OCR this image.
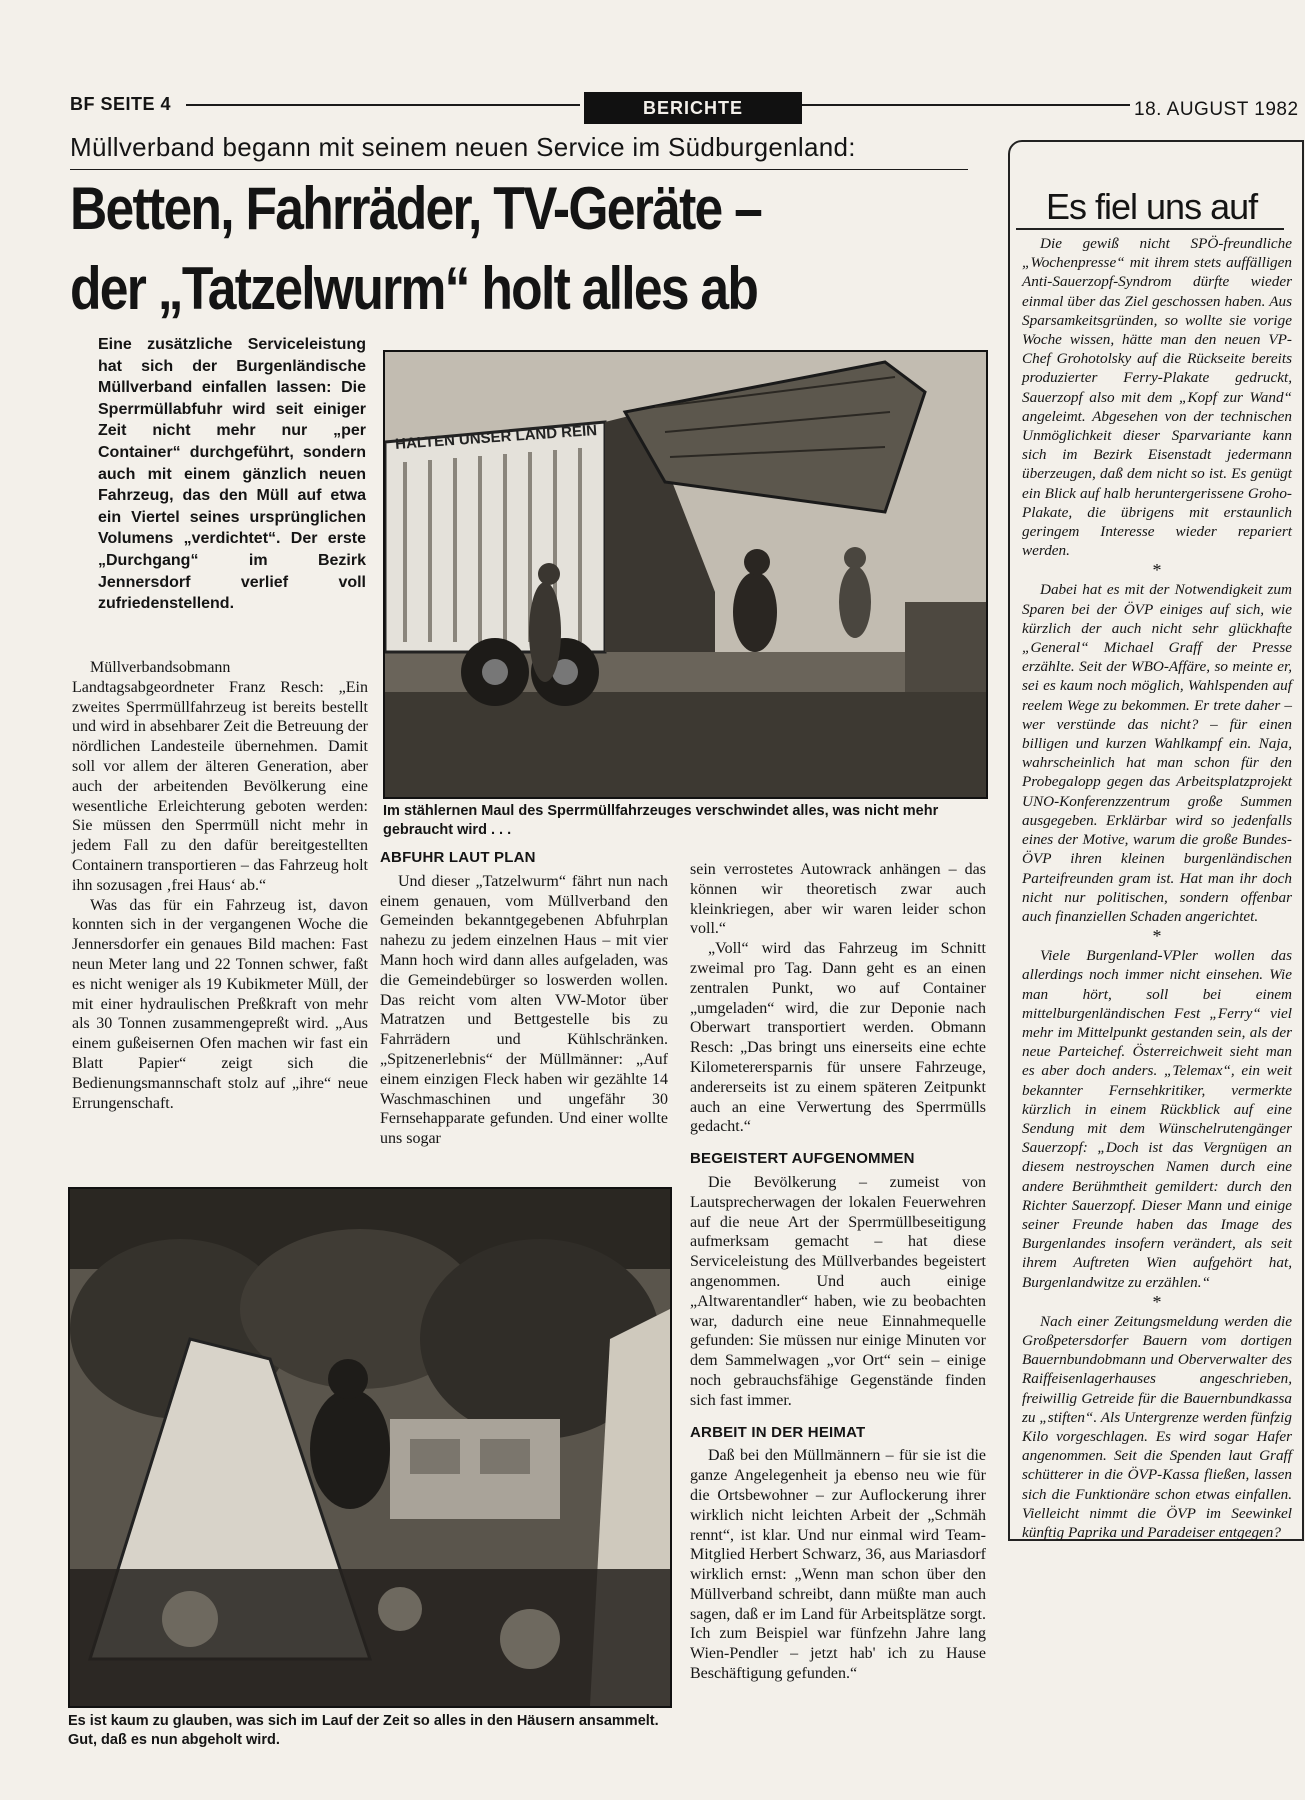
BF SEITE 4	BERICHTE	18. AUGUST 1982
Müllverband begann mit seinem neuen Service im Südburgenland:
Betten, Fahrräder, TV-Geräte –
der „Tatzelwurm“ holt alles ab
Eine zusätzliche Serviceleistung hat sich der Burgenländische Müllverband einfallen lassen: Die Sperrmüllabfuhr wird seit einiger Zeit nicht mehr nur „per Container“ durchgeführt, sondern auch mit einem gänzlich neuen Fahrzeug, das den Müll auf etwa ein Viertel seines ursprünglichen Volumens „verdichtet“. Der erste „Durchgang“ im Bezirk Jennersdorf verlief voll zufriedenstellend.

Müllverbandsobmann Landtagsabgeordneter Franz Resch: „Ein zweites Sperrmüllfahrzeug ist bereits bestellt und wird in absehbarer Zeit die Betreuung der nördlichen Landesteile übernehmen. Damit soll vor allem der älteren Generation, aber auch der arbeitenden Bevölkerung eine wesentliche Erleichterung geboten werden: Sie müssen den Sperrmüll nicht mehr in jedem Fall zu den dafür bereitgestellten Containern transportieren – das Fahrzeug holt ihn sozusagen ‚frei Haus‘ ab.“

Was das für ein Fahrzeug ist, davon konnten sich in der vergangenen Woche die Jennersdorfer ein genaues Bild machen: Fast neun Meter lang und 22 Tonnen schwer, faßt es nicht weniger als 19 Kubikmeter Müll, der mit einer hydraulischen Preßkraft von mehr als 30 Tonnen zusammengepreßt wird. „Aus einem gußeisernen Ofen machen wir fast ein Blatt Papier“ zeigt sich die Bedienungsmannschaft stolz auf „ihre“ neue Errungenschaft.

HALTEN UNSER LAND REIN
Im stählernen Maul des Sperrmüllfahrzeuges verschwindet alles, was nicht mehr gebraucht wird . . .
ABFUHR LAUT PLAN

Und dieser „Tatzelwurm“ fährt nun nach einem genauen, vom Müllverband den Gemeinden bekanntgegebenen Abfuhrplan nahezu zu jedem einzelnen Haus – mit vier Mann hoch wird dann alles aufgeladen, was die Gemeindebürger so loswerden wollen. Das reicht vom alten VW-Motor über Matratzen und Bettgestelle bis zu Fahrrädern und Kühlschränken. „Spitzenerlebnis“ der Müllmänner: „Auf einem einzigen Fleck haben wir gezählte 14 Waschmaschinen und ungefähr 30 Fernsehapparate gefunden. Und einer wollte uns sogar

sein verrostetes Autowrack anhängen – das können wir theoretisch zwar auch kleinkriegen, aber wir waren leider schon voll.“

„Voll“ wird das Fahrzeug im Schnitt zweimal pro Tag. Dann geht es an einen zentralen Punkt, wo auf Container „umgeladen“ wird, die zur Deponie nach Oberwart transportiert werden. Obmann Resch: „Das bringt uns einerseits eine echte Kilometerersparnis für unsere Fahrzeuge, andererseits ist zu einem späteren Zeitpunkt auch an eine Verwertung des Sperrmülls gedacht.“

BEGEISTERT AUFGENOMMEN

Die Bevölkerung – zumeist von Lautsprecherwagen der lokalen Feuerwehren auf die neue Art der Sperrmüllbeseitigung aufmerksam gemacht – hat diese Serviceleistung des Müllverbandes begeistert angenommen. Und auch einige „Altwarentandler“ haben, wie zu beobachten war, dadurch eine neue Einnahmequelle gefunden: Sie müssen nur einige Minuten vor dem Sammelwagen „vor Ort“ sein – einige noch gebrauchsfähige Gegenstände finden sich fast immer.

ARBEIT IN DER HEIMAT

Daß bei den Müllmännern – für sie ist die ganze Angelegenheit ja ebenso neu wie für die Ortsbewohner – zur Auflockerung ihrer wirklich nicht leichten Arbeit der „Schmäh rennt“, ist klar. Und nur einmal wird Team-Mitglied Herbert Schwarz, 36, aus Mariasdorf wirklich ernst: „Wenn man schon über den Müllverband schreibt, dann müßte man auch sagen, daß er im Land für Arbeitsplätze sorgt. Ich zum Beispiel war fünfzehn Jahre lang Wien-Pendler – jetzt hab' ich zu Hause Beschäftigung gefunden.“

Es ist kaum zu glauben, was sich im Lauf der Zeit so alles in den Häusern ansammelt. Gut, daß es nun abgeholt wird.
Es fiel uns auf

Die gewiß nicht SPÖ-freundliche „Wochenpresse“ mit ihrem stets auffälligen Anti-Sauerzopf-Syndrom dürfte wieder einmal über das Ziel geschossen haben. Aus Sparsamkeitsgründen, so wollte sie vorige Woche wissen, hätte man den neuen VP-Chef Grohotolsky auf die Rückseite bereits produzierter Ferry-Plakate gedruckt, Sauerzopf also mit dem „Kopf zur Wand“ angeleimt. Abgesehen von der technischen Unmöglichkeit dieser Sparvariante kann sich im Bezirk Eisenstadt jedermann überzeugen, daß dem nicht so ist. Es genügt ein Blick auf halb heruntergerissene Groho-Plakate, die übrigens mit erstaunlich geringem Interesse wieder repariert werden.

*

Dabei hat es mit der Notwendigkeit zum Sparen bei der ÖVP einiges auf sich, wie kürzlich der auch nicht sehr glückhafte „General“ Michael Graff der Presse erzählte. Seit der WBO-Affäre, so meinte er, sei es kaum noch möglich, Wahlspenden auf reelem Wege zu bekommen. Er trete daher – wer verstünde das nicht? – für einen billigen und kurzen Wahlkampf ein. Naja, wahrscheinlich hat man schon für den Probegalopp gegen das Arbeitsplatzprojekt UNO-Konferenzzentrum große Summen ausgegeben. Erklärbar wird so jedenfalls eines der Motive, warum die große Bundes-ÖVP ihren kleinen burgenländischen Parteifreunden gram ist. Hat man ihr doch nicht nur politischen, sondern offenbar auch finanziellen Schaden angerichtet.

*

Viele Burgenland-VPler wollen das allerdings noch immer nicht einsehen. Wie man hört, soll bei einem mittelburgenländischen Fest „Ferry“ viel mehr im Mittelpunkt gestanden sein, als der neue Parteichef. Österreichweit sieht man es aber doch anders. „Telemax“, ein weit bekannter Fernsehkritiker, vermerkte kürzlich in einem Rückblick auf eine Sendung mit dem Wünschelrutengänger Sauerzopf: „Doch ist das Vergnügen an diesem nestroyschen Namen durch eine andere Berühmtheit gemildert: durch den Richter Sauerzopf. Dieser Mann und einige seiner Freunde haben das Image des Burgenlandes insofern verändert, als seit ihrem Auftreten Wien aufgehört hat, Burgenlandwitze zu erzählen.“

*

Nach einer Zeitungsmeldung werden die Großpetersdorfer Bauern vom dortigen Bauernbundobmann und Oberverwalter des Raiffeisenlagerhauses angeschrieben, freiwillig Getreide für die Bauernbundkassa zu „stiften“. Als Untergrenze werden fünfzig Kilo vorgeschlagen. Es wird sogar Hafer angenommen. Seit die Spenden laut Graff schütterer in die ÖVP-Kassa fließen, lassen sich die Funktionäre schon etwas einfallen. Vielleicht nimmt die ÖVP im Seewinkel künftig Paprika und Paradeiser entgegen?
